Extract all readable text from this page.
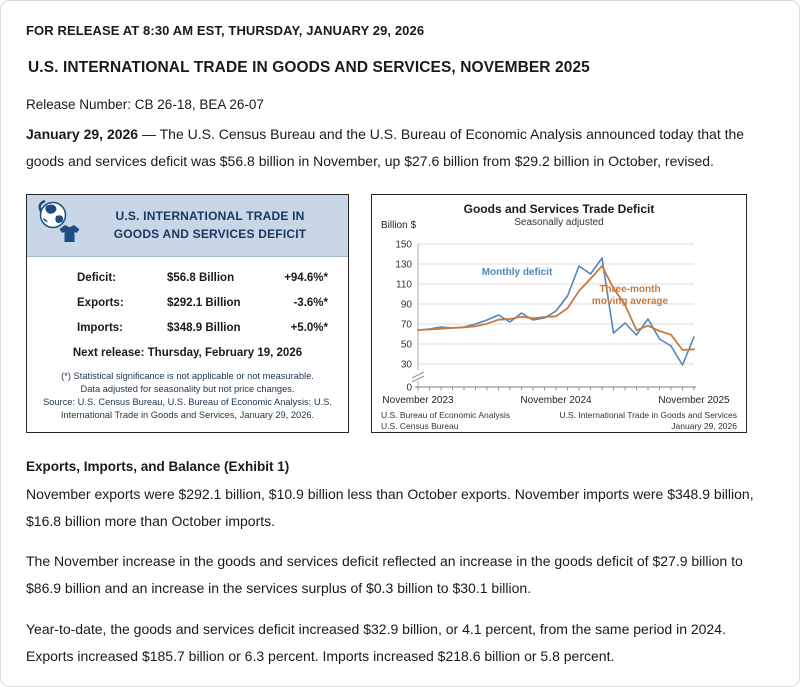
FOR RELEASE AT 8:30 AM EST, THURSDAY, JANUARY 29, 2026
U.S. INTERNATIONAL TRADE IN GOODS AND SERVICES, NOVEMBER 2025
Release Number: CB 26-18, BEA 26-07

January 29, 2026 — The U.S. Census Bureau and the U.S. Bureau of Economic Analysis announced today that the goods and services deficit was $56.8 billion in November, up $27.6 billion from $29.2 billion in October, revised.

U.S. INTERNATIONAL TRADE IN
GOODS AND SERVICES DEFICIT
Deficit:	$56.8 Billion	+94.6%*
Exports:	$292.1 Billion	-3.6%*
Imports:	$348.9 Billion	+5.0%*
Next release: Thursday, February 19, 2026
(*) Statistical significance is not applicable or not measurable.
Data adjusted for seasonality but not price changes.
Source: U.S. Census Bureau, U.S. Bureau of Economic Analysis; U.S.
International Trade in Goods and Services, January 29, 2026.
Goods and Services Trade Deficit
Seasonally adjusted
Billion $
0
30
50
70
90
110
130
150
November 2023	November 2024	November 2025
Monthly deficit
Three-month
moving average
U.S. Bureau of Economic Analysis
U.S. Census Bureau
U.S. International Trade in Goods and Services
January 29, 2026
Exports, Imports, and Balance (Exhibit 1)

November exports were $292.1 billion, $10.9 billion less than October exports. November imports were $348.9 billion, $16.8 billion more than October imports.

The November increase in the goods and services deficit reflected an increase in the goods deficit of $27.9 billion to $86.9 billion and an increase in the services surplus of $0.3 billion to $30.1 billion.

Year-to-date, the goods and services deficit increased $32.9 billion, or 4.1 percent, from the same period in 2024. Exports increased $185.7 billion or 6.3 percent. Imports increased $218.6 billion or 5.8 percent.
